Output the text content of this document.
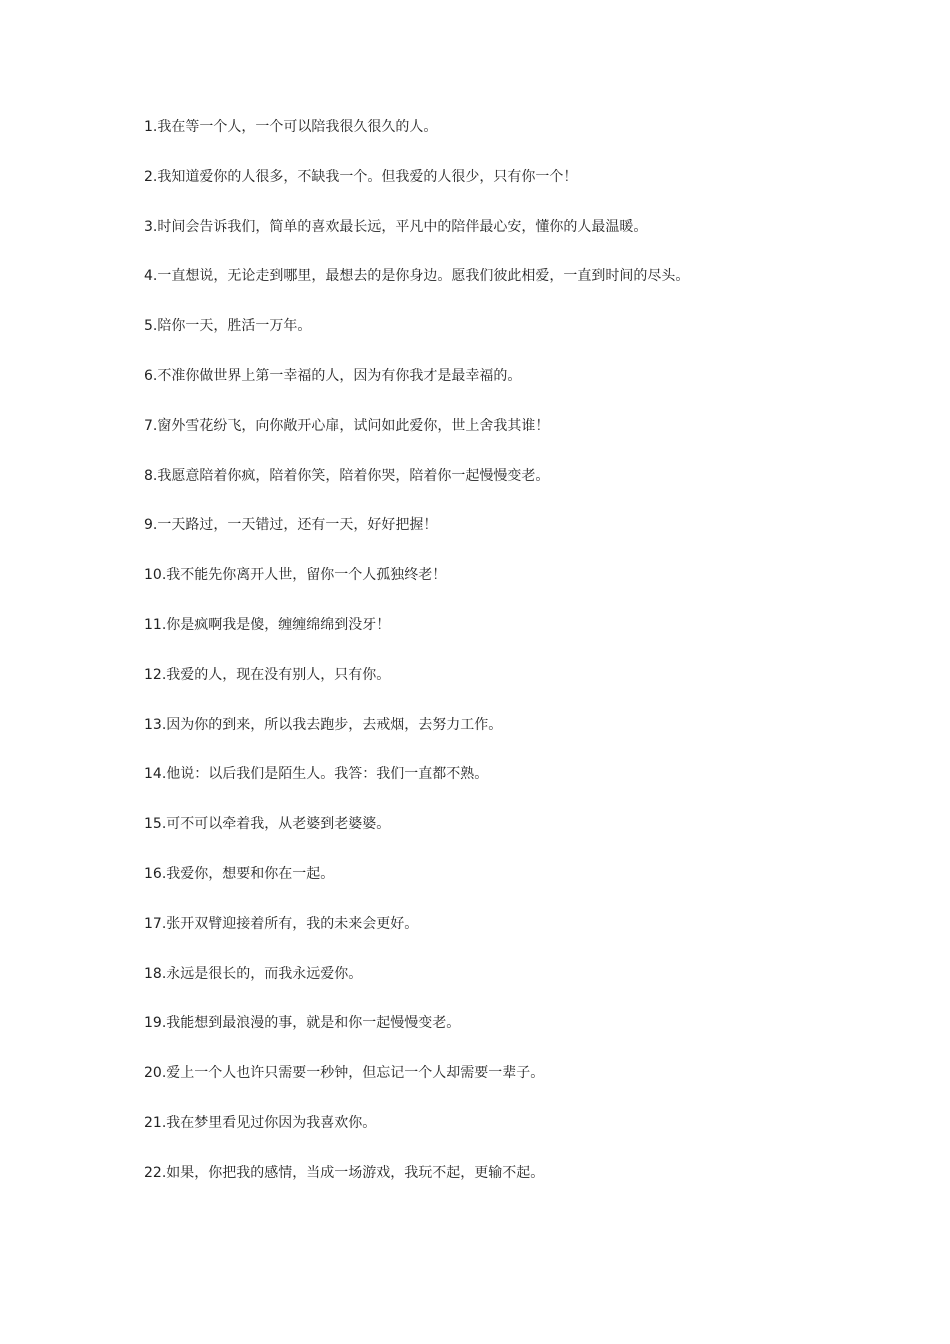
1.我在等一个人，一个可以陪我很久很久的人。
2.我知道爱你的人很多，不缺我一个。但我爱的人很少，只有你一个！
3.时间会告诉我们，简单的喜欢最长远，平凡中的陪伴最心安，懂你的人最温暖。
4.一直想说，无论走到哪里，最想去的是你身边。愿我们彼此相爱，一直到时间的尽头。
5.陪你一天，胜活一万年。
6.不准你做世界上第一幸福的人，因为有你我才是最幸福的。
7.窗外雪花纷飞，向你敞开心扉，试问如此爱你，世上舍我其谁！
8.我愿意陪着你疯，陪着你笑，陪着你哭，陪着你一起慢慢变老。
9.一天路过，一天错过，还有一天，好好把握！
10.我不能先你离开人世，留你一个人孤独终老！
11.你是疯啊我是傻，缠缠绵绵到没牙！
12.我爱的人，现在没有别人，只有你。
13.因为你的到来，所以我去跑步，去戒烟，去努力工作。
14.他说：以后我们是陌生人。我答：我们一直都不熟。
15.可不可以牵着我，从老婆到老婆婆。
16.我爱你，想要和你在一起。
17.张开双臂迎接着所有，我的未来会更好。
18.永远是很长的，而我永远爱你。
19.我能想到最浪漫的事，就是和你一起慢慢变老。
20.爱上一个人也许只需要一秒钟，但忘记一个人却需要一辈子。
21.我在梦里看见过你因为我喜欢你。
22.如果，你把我的感情，当成一场游戏，我玩不起，更输不起。
